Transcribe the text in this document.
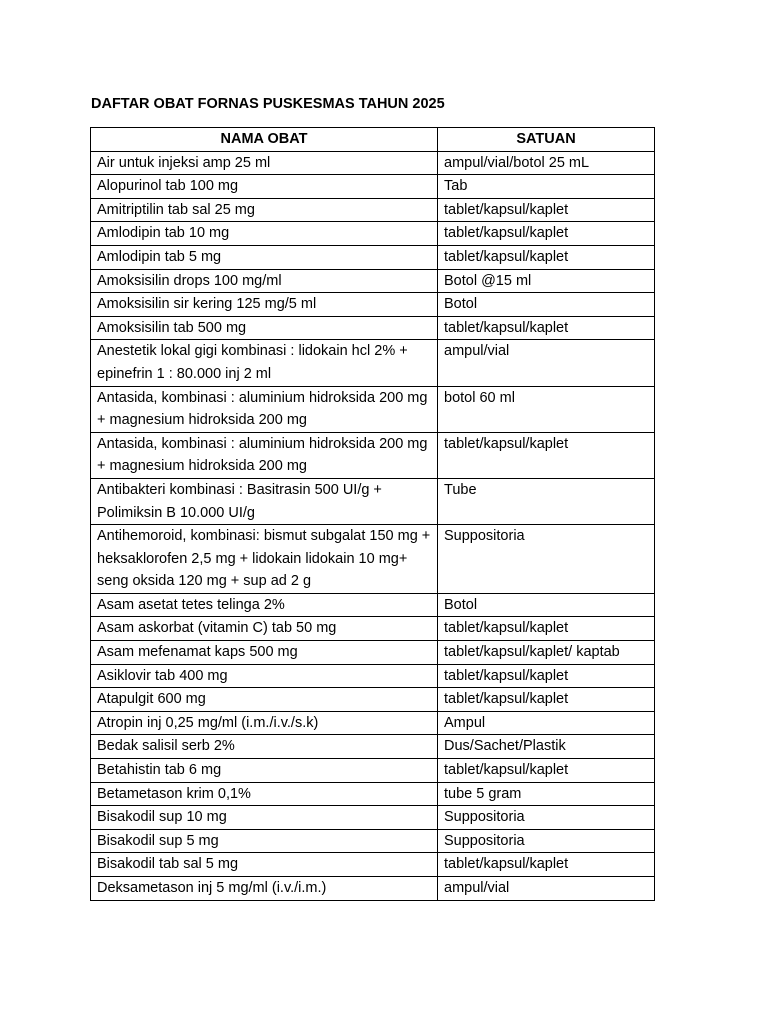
DAFTAR OBAT FORNAS PUSKESMAS TAHUN 2025
NAMA OBAT	SATUAN
Air untuk injeksi amp 25 ml	ampul/vial/botol 25 mL
Alopurinol tab 100 mg	Tab
Amitriptilin tab sal 25 mg	tablet/kapsul/kaplet
Amlodipin tab 10 mg	tablet/kapsul/kaplet
Amlodipin tab 5 mg	tablet/kapsul/kaplet
Amoksisilin drops 100 mg/ml	Botol @15 ml
Amoksisilin sir kering 125 mg/5 ml	Botol
Amoksisilin tab 500 mg	tablet/kapsul/kaplet
Anestetik lokal gigi kombinasi : lidokain hcl 2% + epinefrin 1 : 80.000 inj 2 ml	ampul/vial
Antasida, kombinasi : aluminium hidroksida 200 mg + magnesium hidroksida 200 mg	botol 60 ml
Antasida, kombinasi : aluminium hidroksida 200 mg + magnesium hidroksida 200 mg	tablet/kapsul/kaplet
Antibakteri kombinasi : Basitrasin 500 UI/g + Polimiksin B 10.000 UI/g	Tube
Antihemoroid, kombinasi: bismut subgalat 150 mg + heksaklorofen 2,5 mg + lidokain lidokain 10 mg+ seng oksida 120 mg + sup ad 2 g	Suppositoria
Asam asetat tetes telinga 2%	Botol
Asam askorbat (vitamin C) tab 50 mg	tablet/kapsul/kaplet
Asam mefenamat kaps 500 mg	tablet/kapsul/kaplet/ kaptab
Asiklovir tab 400 mg	tablet/kapsul/kaplet
Atapulgit 600 mg	tablet/kapsul/kaplet
Atropin inj 0,25 mg/ml (i.m./i.v./s.k)	Ampul
Bedak salisil serb 2%	Dus/Sachet/Plastik
Betahistin tab 6 mg	tablet/kapsul/kaplet
Betametason krim 0,1%	tube 5 gram
Bisakodil sup 10 mg	Suppositoria
Bisakodil sup 5 mg	Suppositoria
Bisakodil tab sal 5 mg	tablet/kapsul/kaplet
Deksametason inj 5 mg/ml (i.v./i.m.)	ampul/vial
